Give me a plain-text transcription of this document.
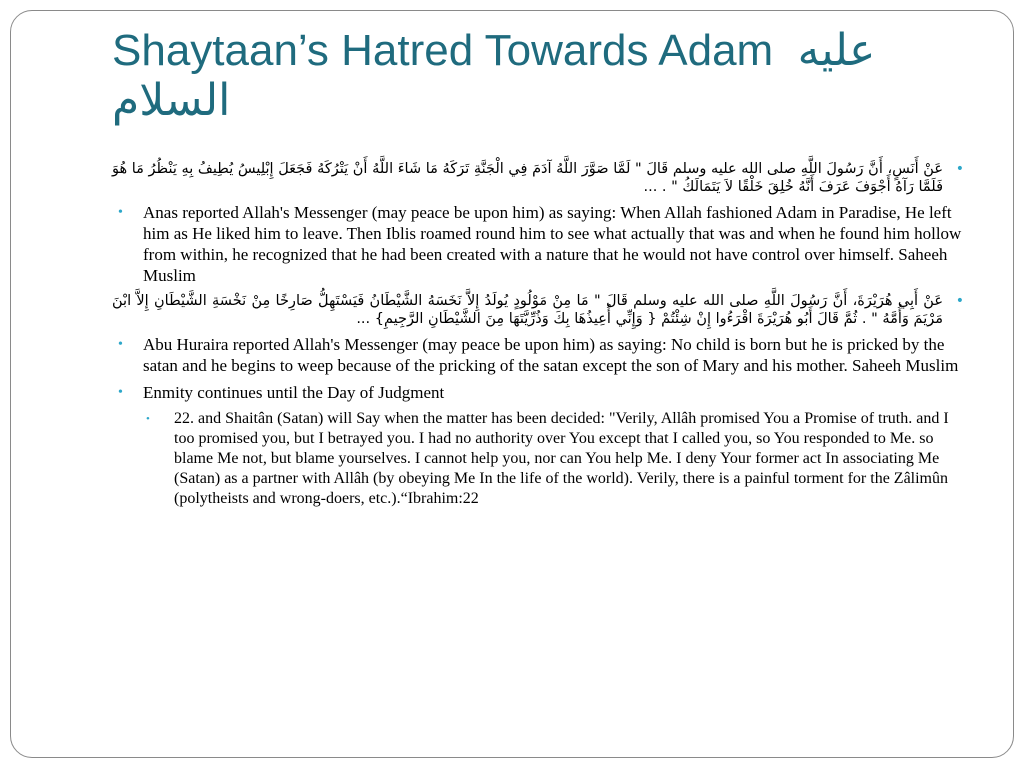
Shaytaan’s Hatred Towards Adam عليه السلام
•
عَنْ أَنَسٍ، أَنَّ رَسُولَ اللَّهِ صلى الله عليه وسلم قَالَ " لَمَّا صَوَّرَ اللَّهُ آدَمَ فِي الْجَنَّةِ تَرَكَهُ مَا شَاءَ اللَّهُ أَنْ يَتْرُكَهُ فَجَعَلَ إِبْلِيسُ يُطِيفُ بِهِ يَنْظُرُ مَا هُوَ فَلَمَّا رَآهُ أَجْوَفَ عَرَفَ أَنَّهُ خُلِقَ خَلْقًا لاَ يَتَمَالَكُ " . ...
• Anas reported Allah's Messenger (may peace be upon him) as saying: When Allah fashioned Adam in Paradise, He left him as He liked him to leave. Then Iblis roamed round him to see what actually that was and when he found him hollow from within, he recognized that he had been created with a nature that he would not have control over himself. Saheeh Muslim
•
عَنْ أَبِي هُرَيْرَةَ، أَنَّ رَسُولَ اللَّهِ صلى الله عليه وسلم قَالَ " مَا مِنْ مَوْلُودٍ يُولَدُ إِلاَّ نَخَسَهُ الشَّيْطَانُ فَيَسْتَهِلُّ صَارِخًا مِنْ نَخْسَةِ الشَّيْطَانِ إِلاَّ ابْنَ مَرْيَمَ وَأُمَّهُ " . ثُمَّ قَالَ أَبُو هُرَيْرَةَ اقْرَءُوا إِنْ شِئْتُمْ { وَإِنِّي أُعِيذُهَا بِكَ وَذُرِّيَّتَهَا مِنَ الشَّيْطَانِ الرَّجِيمِ} ...
• Abu Huraira reported Allah's Messenger (may peace be upon him) as saying: No child is born but he is pricked by the satan and he begins to weep because of the pricking of the satan except the son of Mary and his mother. Saheeh Muslim
• Enmity continues until the Day of Judgment
• 22. and Shaitân (Satan) will Say when the matter has been decided: "Verily, Allâh promised You a Promise of truth. and I too promised you, but I betrayed you. I had no authority over You except that I called you, so You responded to Me. so blame Me not, but blame yourselves. I cannot help you, nor can You help Me. I deny Your former act In associating Me (Satan) as a partner with Allâh (by obeying Me In the life of the world). Verily, there is a painful torment for the Zâlimûn (polytheists and wrong-doers, etc.).“Ibrahim:22
